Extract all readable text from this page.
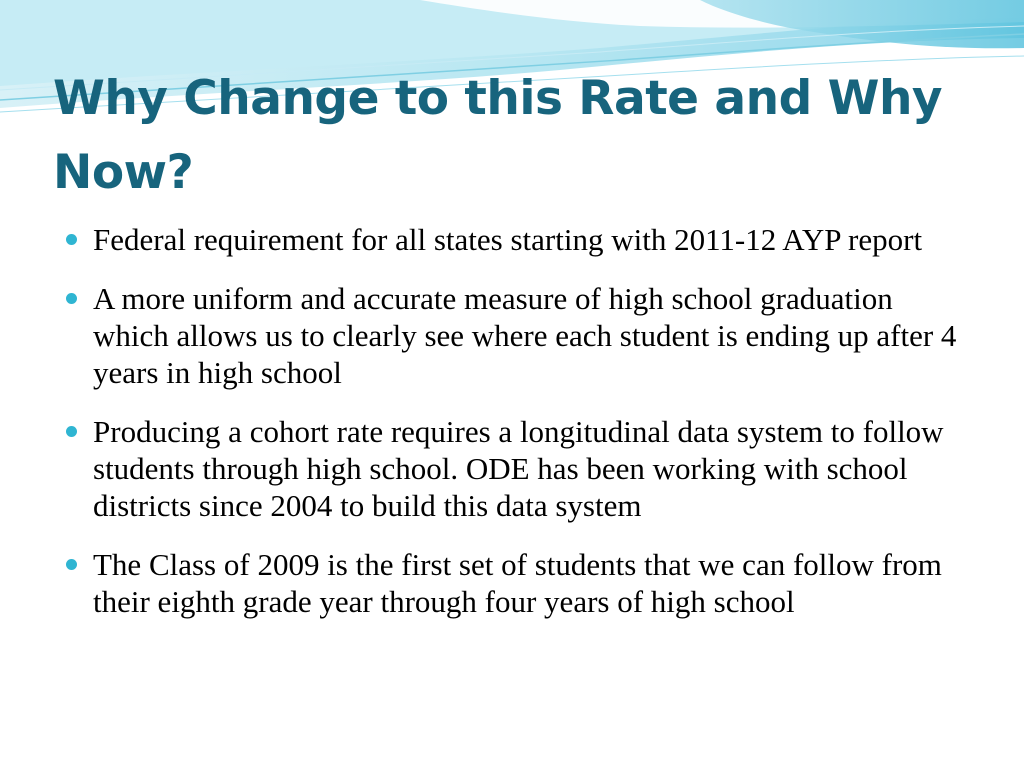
Why Change to this Rate and Why Now?
Federal requirement for all states starting with 2011-12 AYP report
A more uniform and accurate measure of high school graduation which allows us to clearly see where each student is ending up after 4 years in high school
Producing a cohort rate requires a longitudinal data system to follow students through high school. ODE has been working with school districts since 2004 to build this data system
The Class of 2009 is the first set of students that we can follow from their eighth grade year through four years of high school
